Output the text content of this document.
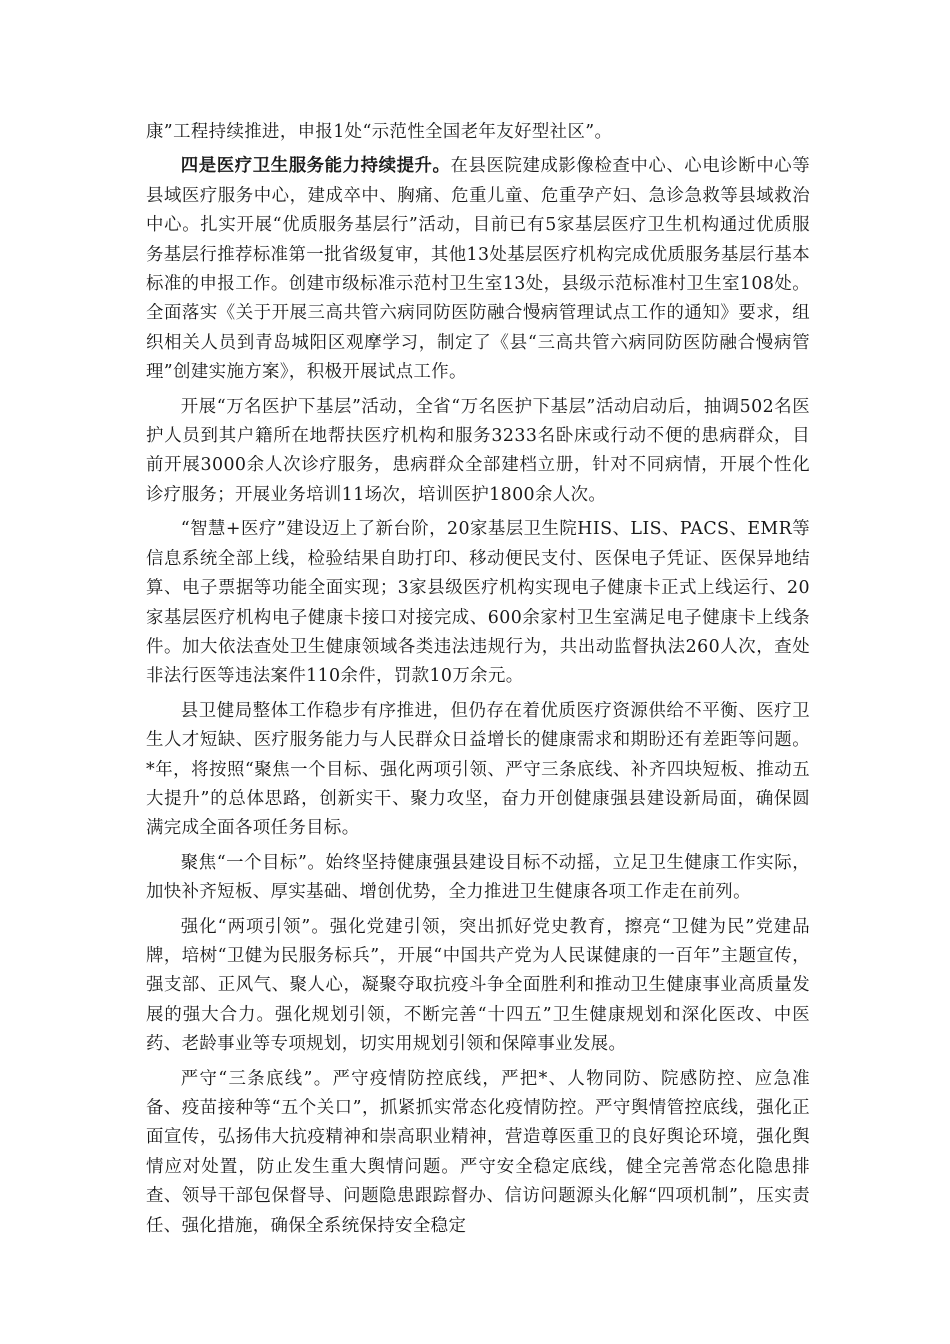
康”工程持续推进，申报1处“示范性全国老年友好型社区”。

四是医疗卫生服务能力持续提升。在县医院建成影像检查中心、心电诊断中心等县域医疗服务中心，建成卒中、胸痛、危重儿童、危重孕产妇、急诊急救等县域救治中心。扎实开展“优质服务基层行”活动，目前已有5家基层医疗卫生机构通过优质服务基层行推荐标准第一批省级复审，其他13处基层医疗机构完成优质服务基层行基本标准的申报工作。创建市级标准示范村卫生室13处，县级示范标准村卫生室108处。全面落实《关于开展三高共管六病同防医防融合慢病管理试点工作的通知》要求，组织相关人员到青岛城阳区观摩学习，制定了《县“三高共管六病同防医防融合慢病管理”创建实施方案》，积极开展试点工作。

开展“万名医护下基层”活动，全省“万名医护下基层”活动启动后，抽调502名医护人员到其户籍所在地帮扶医疗机构和服务3233名卧床或行动不便的患病群众，目前开展3000余人次诊疗服务，患病群众全部建档立册，针对不同病情，开展个性化诊疗服务；开展业务培训11场次，培训医护1800余人次。

“智慧+医疗”建设迈上了新台阶，20家基层卫生院HIS、LIS、PACS、EMR等信息系统全部上线，检验结果自助打印、移动便民支付、医保电子凭证、医保异地结算、电子票据等功能全面实现；3家县级医疗机构实现电子健康卡正式上线运行、20家基层医疗机构电子健康卡接口对接完成、600余家村卫生室满足电子健康卡上线条件。加大依法查处卫生健康领域各类违法违规行为，共出动监督执法260人次，查处非法行医等违法案件110余件，罚款10万余元。

县卫健局整体工作稳步有序推进，但仍存在着优质医疗资源供给不平衡、医疗卫生人才短缺、医疗服务能力与人民群众日益增长的健康需求和期盼还有差距等问题。*年，将按照“聚焦一个目标、强化两项引领、严守三条底线、补齐四块短板、推动五大提升”的总体思路，创新实干、聚力攻坚，奋力开创健康强县建设新局面，确保圆满完成全面各项任务目标。

聚焦“一个目标”。始终坚持健康强县建设目标不动摇，立足卫生健康工作实际，加快补齐短板、厚实基础、增创优势，全力推进卫生健康各项工作走在前列。

强化“两项引领”。强化党建引领，突出抓好党史教育，擦亮“卫健为民”党建品牌，培树“卫健为民服务标兵”，开展“中国共产党为人民谋健康的一百年”主题宣传，强支部、正风气、聚人心，凝聚夺取抗疫斗争全面胜利和推动卫生健康事业高质量发展的强大合力。强化规划引领，不断完善“十四五”卫生健康规划和深化医改、中医药、老龄事业等专项规划，切实用规划引领和保障事业发展。

严守“三条底线”。严守疫情防控底线，严把*、人物同防、院感防控、应急准备、疫苗接种等“五个关口”，抓紧抓实常态化疫情防控。严守舆情管控底线，强化正面宣传，弘扬伟大抗疫精神和崇高职业精神，营造尊医重卫的良好舆论环境，强化舆情应对处置，防止发生重大舆情问题。严守安全稳定底线，健全完善常态化隐患排查、领导干部包保督导、问题隐患跟踪督办、信访问题源头化解“四项机制”，压实责任、强化措施，确保全系统保持安全稳定
